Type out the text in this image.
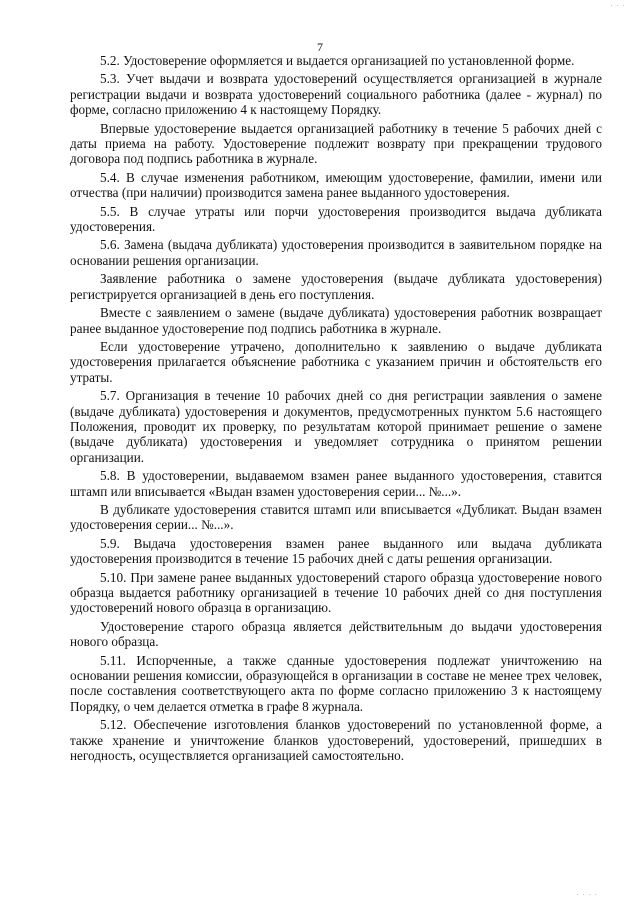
· · ·
7

5.2. Удостоверение оформляется и выдается организацией по установленной форме.

5.3. Учет выдачи и возврата удостоверений осуществляется организацией в журнале регистрации выдачи и возврата удостоверений социального работника (далее - журнал) по форме, согласно приложению 4 к настоящему Порядку.

Впервые удостоверение выдается организацией работнику в течение 5 рабочих дней с даты приема на работу. Удостоверение подлежит возврату при прекращении трудового договора под подпись работника в журнале.

5.4. В случае изменения работником, имеющим удостоверение, фамилии, имени или отчества (при наличии) производится замена ранее выданного удостоверения.

5.5. В случае утраты или порчи удостоверения производится выдача дубликата удостоверения.

5.6. Замена (выдача дубликата) удостоверения производится в заявительном порядке на основании решения организации.

Заявление работника о замене удостоверения (выдаче дубликата удостоверения) регистрируется организацией в день его поступления.

Вместе с заявлением о замене (выдаче дубликата) удостоверения работник возвращает ранее выданное удостоверение под подпись работника в журнале.

Если удостоверение утрачено, дополнительно к заявлению о выдаче дубликата удостоверения прилагается объяснение работника с указанием причин и обстоятельств его утраты.

5.7. Организация в течение 10 рабочих дней со дня регистрации заявления о замене (выдаче дубликата) удостоверения и документов, предусмотренных пунктом 5.6 настоящего Положения, проводит их проверку, по результатам которой принимает решение о замене (выдаче дубликата) удостоверения и уведомляет сотрудника о принятом решении организации.

5.8. В удостоверении, выдаваемом взамен ранее выданного удостоверения, ставится штамп или вписывается «Выдан взамен удостоверения серии... №...».

В дубликате удостоверения ставится штамп или вписывается «Дубликат. Выдан взамен удостоверения серии... №...».

5.9. Выдача удостоверения взамен ранее выданного или выдача дубликата удостоверения производится в течение 15 рабочих дней с даты решения организации.

5.10. При замене ранее выданных удостоверений старого образца удостоверение нового образца выдается работнику организацией в течение 10 рабочих дней со дня поступления удостоверений нового образца в организацию.

Удостоверение старого образца является действительным до выдачи удостоверения нового образца.

5.11. Испорченные, а также сданные удостоверения подлежат уничтожению на основании решения комиссии, образующейся в организации в составе не менее трех человек, после составления соответствующего акта по форме согласно приложению 3 к настоящему Порядку, о чем делается отметка в графе 8 журнала.

5.12. Обеспечение изготовления бланков удостоверений по установленной форме, а также хранение и уничтожение бланков удостоверений, удостоверений, пришедших в негодность, осуществляется организацией самостоятельно.

· · · ·
